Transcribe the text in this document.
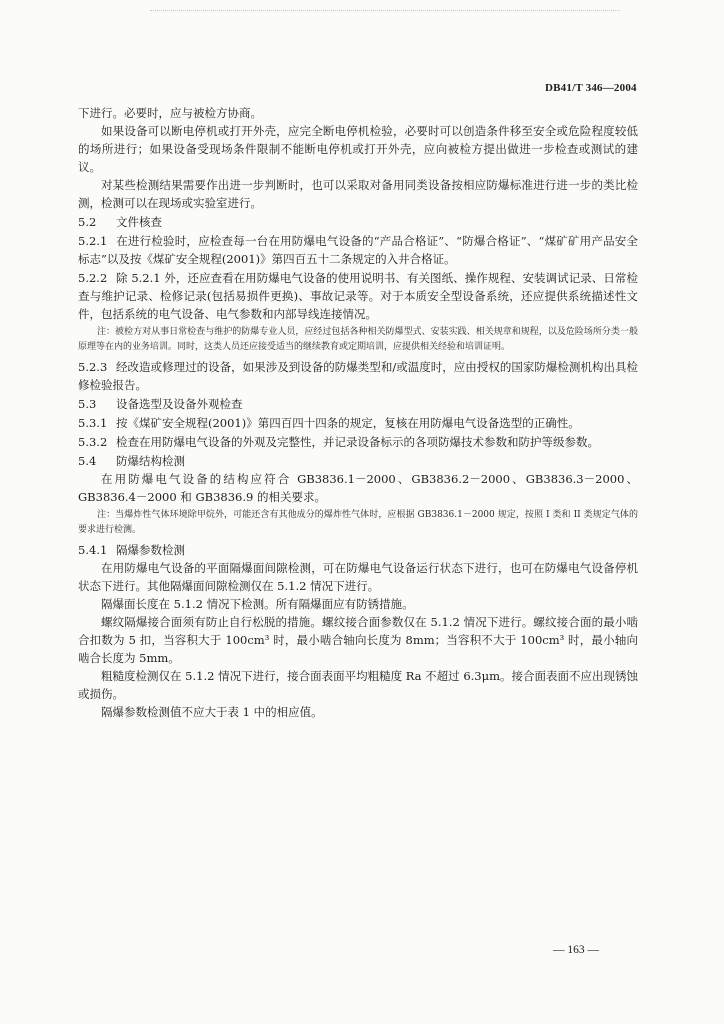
DB41/T 346—2004

下进行。必要时，应与被检方协商。

如果设备可以断电停机或打开外壳，应完全断电停机检验，必要时可以创造条件移至安全或危险程度较低的场所进行；如果设备受现场条件限制不能断电停机或打开外壳，应向被检方提出做进一步检查或测试的建议。

对某些检测结果需要作出进一步判断时，也可以采取对备用同类设备按相应防爆标准进行进一步的类比检测，检测可以在现场或实验室进行。

5.2 文件核查

5.2.1 在进行检验时，应检查每一台在用防爆电气设备的“产品合格证”、“防爆合格证”、“煤矿矿用产品安全标志”以及按《煤矿安全规程(2001)》第四百五十二条规定的入井合格证。

5.2.2 除 5.2.1 外，还应查看在用防爆电气设备的使用说明书、有关图纸、操作规程、安装调试记录、日常检查与维护记录、检修记录(包括易损件更换)、事故记录等。对于本质安全型设备系统，还应提供系统描述性文件，包括系统的电气设备、电气参数和内部导线连接情况。

注：被检方对从事日常检查与维护的防爆专业人员，应经过包括各种相关防爆型式、安装实践、相关规章和规程，以及危险场所分类一般原理等在内的业务培训。同时，这类人员还应接受适当的继续教育或定期培训，应提供相关经验和培训证明。

5.2.3 经改造或修理过的设备，如果涉及到设备的防爆类型和/或温度时，应由授权的国家防爆检测机构出具检修检验报告。

5.3 设备选型及设备外观检查

5.3.1 按《煤矿安全规程(2001)》第四百四十四条的规定，复核在用防爆电气设备选型的正确性。

5.3.2 检查在用防爆电气设备的外观及完整性，并记录设备标示的各项防爆技术参数和防护等级参数。

5.4 防爆结构检测

在用防爆电气设备的结构应符合 GB3836.1－2000、GB3836.2－2000、GB3836.3－2000、GB3836.4－2000 和 GB3836.9 的相关要求。

注：当爆炸性气体环境除甲烷外，可能还含有其他成分的爆炸性气体时，应根据 GB3836.1－2000 规定，按照 I 类和 II 类规定气体的要求进行检测。

5.4.1 隔爆参数检测

在用防爆电气设备的平面隔爆面间隙检测，可在防爆电气设备运行状态下进行，也可在防爆电气设备停机状态下进行。其他隔爆面间隙检测仅在 5.1.2 情况下进行。

隔爆面长度在 5.1.2 情况下检测。所有隔爆面应有防锈措施。

螺纹隔爆接合面须有防止自行松脱的措施。螺纹接合面参数仅在 5.1.2 情况下进行。螺纹接合面的最小啮合扣数为 5 扣，当容积大于 100cm³ 时，最小啮合轴向长度为 8mm；当容积不大于 100cm³ 时，最小轴向啮合长度为 5mm。

粗糙度检测仅在 5.1.2 情况下进行，接合面表面平均粗糙度 Ra 不超过 6.3μm。接合面表面不应出现锈蚀或损伤。

隔爆参数检测值不应大于表 1 中的相应值。

— 163 —
